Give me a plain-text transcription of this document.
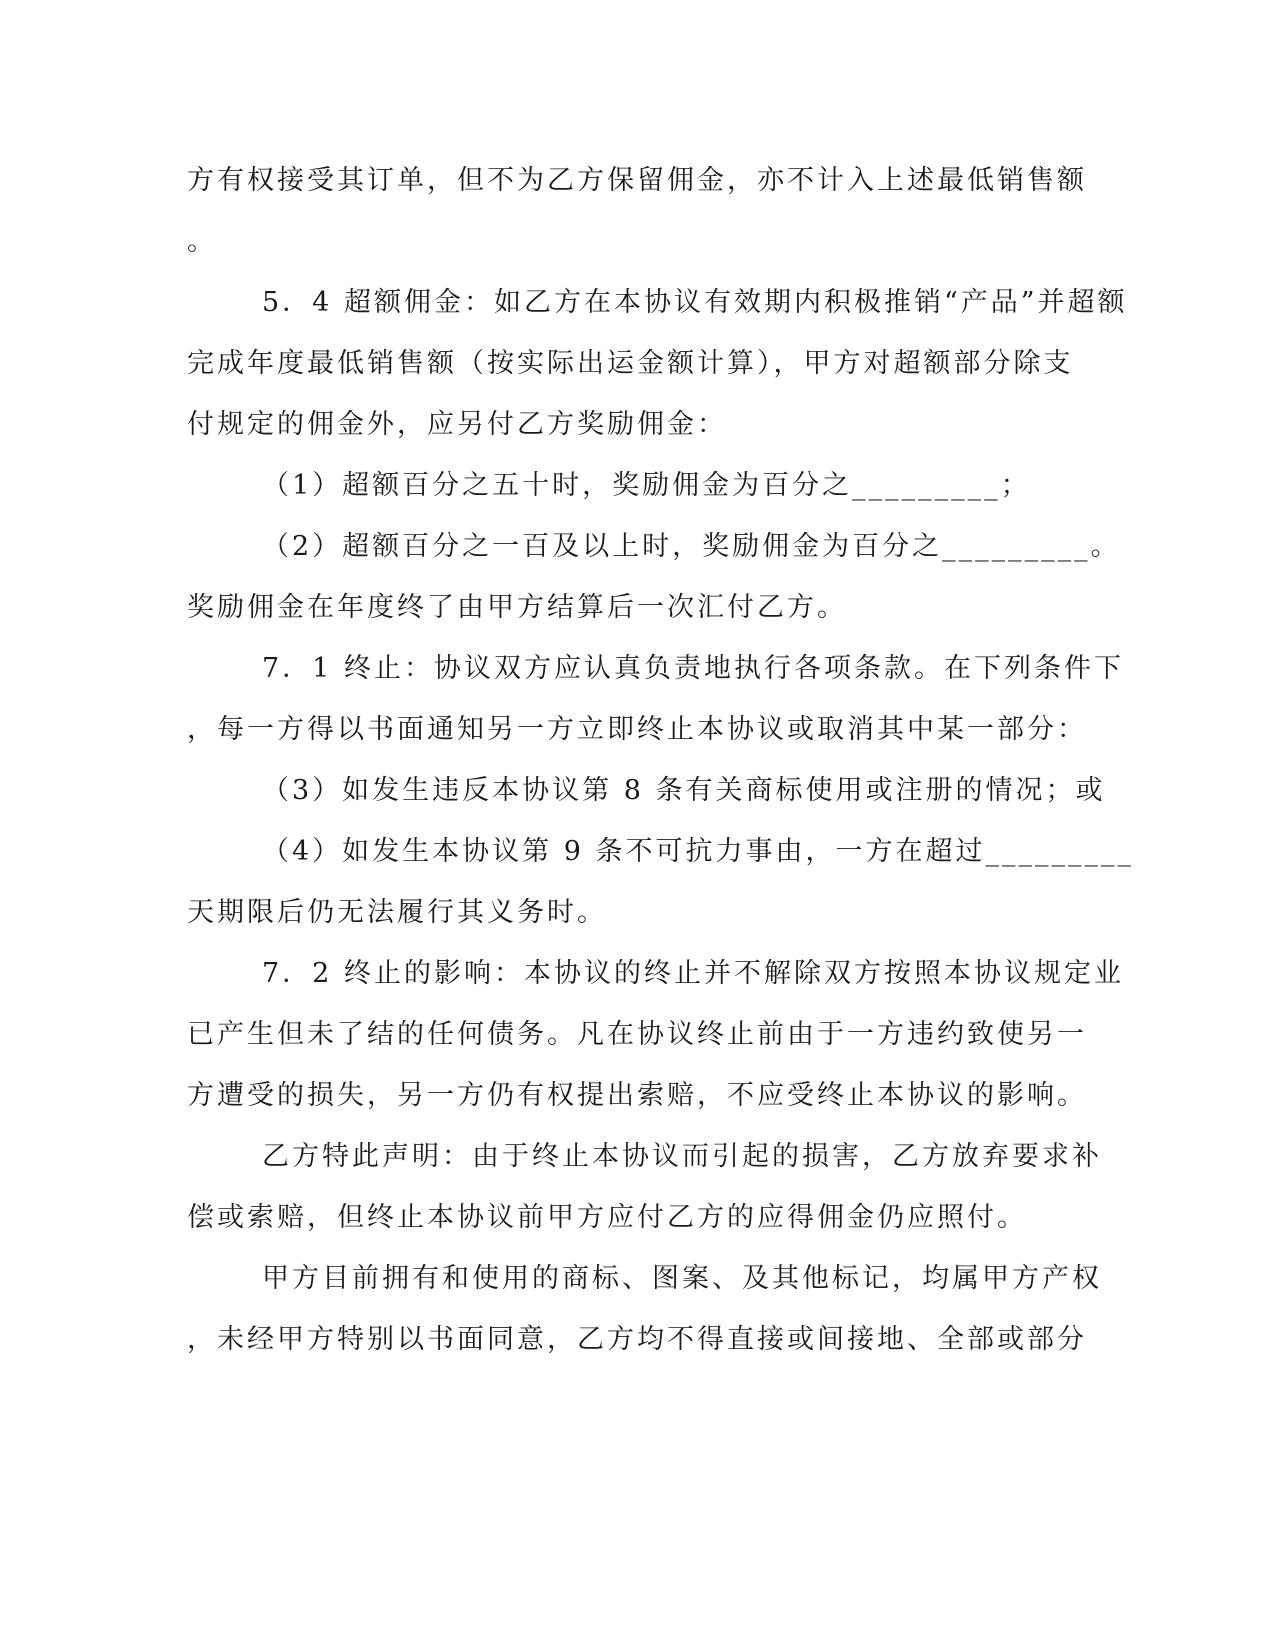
方有权接受其订单，但不为乙方保留佣金，亦不计入上述最低销售额
。
5．4 超额佣金：如乙方在本协议有效期内积极推销“产品”并超额
完成年度最低销售额（按实际出运金额计算），甲方对超额部分除支
付规定的佣金外，应另付乙方奖励佣金：
（1）超额百分之五十时，奖励佣金为百分之_________；
（2）超额百分之一百及以上时，奖励佣金为百分之_________。
奖励佣金在年度终了由甲方结算后一次汇付乙方。
7．1 终止：协议双方应认真负责地执行各项条款。在下列条件下
，每一方得以书面通知另一方立即终止本协议或取消其中某一部分：
（3）如发生违反本协议第 8 条有关商标使用或注册的情况；或
（4）如发生本协议第 9 条不可抗力事由，一方在超过_________
天期限后仍无法履行其义务时。
7．2 终止的影响：本协议的终止并不解除双方按照本协议规定业
已产生但未了结的任何债务。凡在协议终止前由于一方违约致使另一
方遭受的损失，另一方仍有权提出索赔，不应受终止本协议的影响。
乙方特此声明：由于终止本协议而引起的损害，乙方放弃要求补
偿或索赔，但终止本协议前甲方应付乙方的应得佣金仍应照付。
甲方目前拥有和使用的商标、图案、及其他标记，均属甲方产权
，未经甲方特别以书面同意，乙方均不得直接或间接地、全部或部分
